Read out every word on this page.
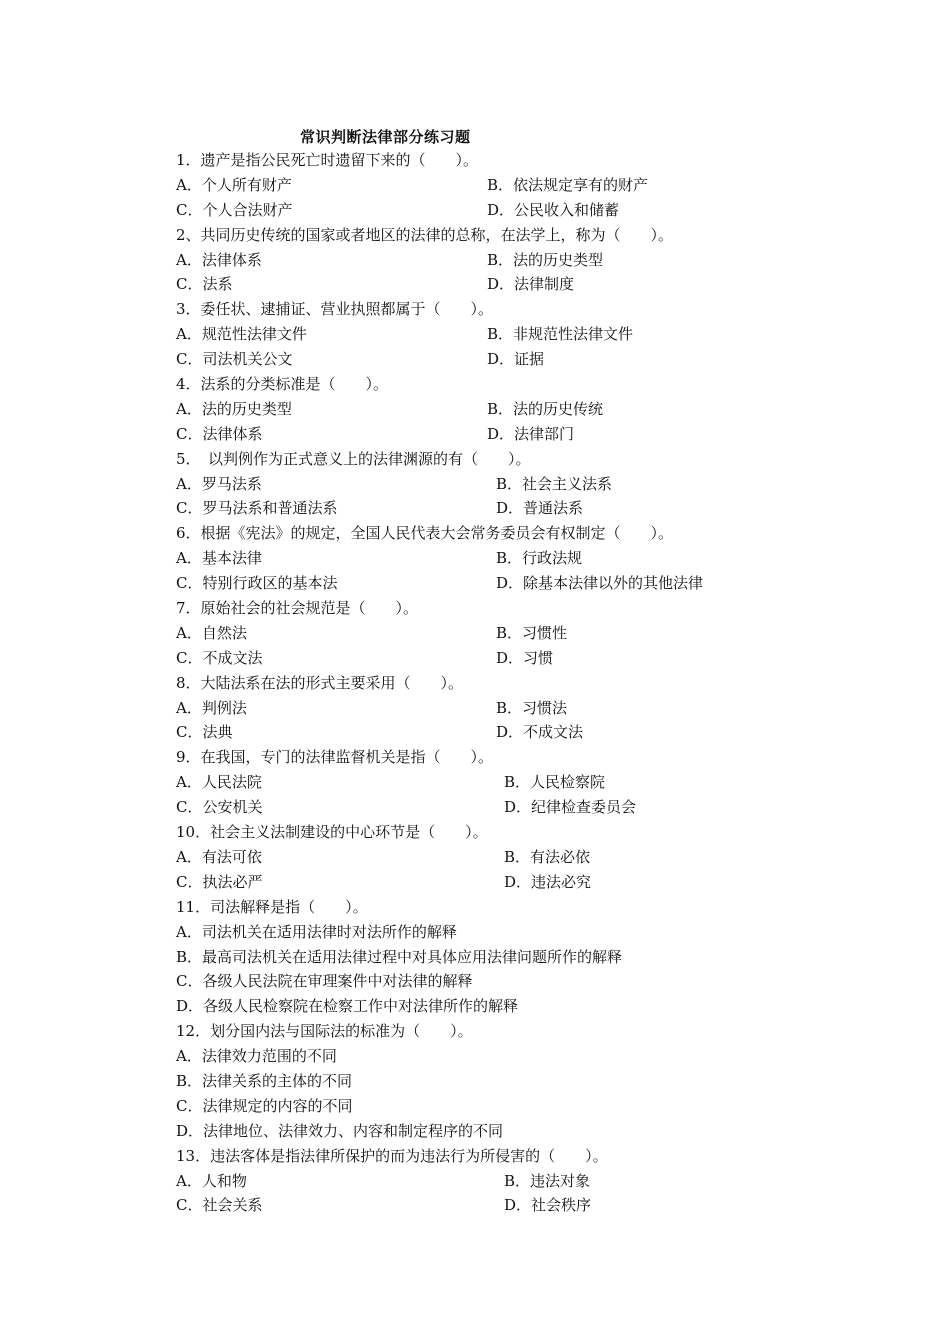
常识判断法律部分练习题
1．遗产是指公民死亡时遗留下来的（　　）。
A．个人所有财产	B．依法规定享有的财产
C．个人合法财产	D．公民收入和储蓄
2、共同历史传统的国家或者地区的法律的总称，在法学上，称为（　　）。
A．法律体系	B．法的历史类型
C．法系	D．法律制度
3．委任状、逮捕证、营业执照都属于（　　）。
A．规范性法律文件	B．非规范性法律文件
C．司法机关公文	D．证据
4．法系的分类标准是（　　）。
A．法的历史类型	B．法的历史传统
C．法律体系	D．法律部门
5．　以判例作为正式意义上的法律渊源的有（　　）。
A．罗马法系	B．社会主义法系
C．罗马法系和普通法系	D．普通法系
6．根据《宪法》的规定，全国人民代表大会常务委员会有权制定（　　）。
A．基本法律	B．行政法规
C．特别行政区的基本法	D．除基本法律以外的其他法律
7．原始社会的社会规范是（　　）。
A．自然法	B．习惯性
C．不成文法	D．习惯
8．大陆法系在法的形式主要采用（　　）。
A．判例法	B．习惯法
C．法典	D．不成文法
9．在我国，专门的法律监督机关是指（　　）。
A．人民法院	B．人民检察院
C．公安机关	D．纪律检查委员会
10．社会主义法制建设的中心环节是（　　）。
A．有法可依	B．有法必依
C．执法必严	D．违法必究
11．司法解释是指（　　）。
A．司法机关在适用法律时对法所作的解释
B．最高司法机关在适用法律过程中对具体应用法律问题所作的解释
C．各级人民法院在审理案件中对法律的解释
D．各级人民检察院在检察工作中对法律所作的解释
12．划分国内法与国际法的标准为（　　）。
A．法律效力范围的不同
B．法律关系的主体的不同
C．法律规定的内容的不同
D．法律地位、法律效力、内容和制定程序的不同
13．违法客体是指法律所保护的而为违法行为所侵害的（　　）。
A．人和物	B．违法对象
C．社会关系	D．社会秩序
